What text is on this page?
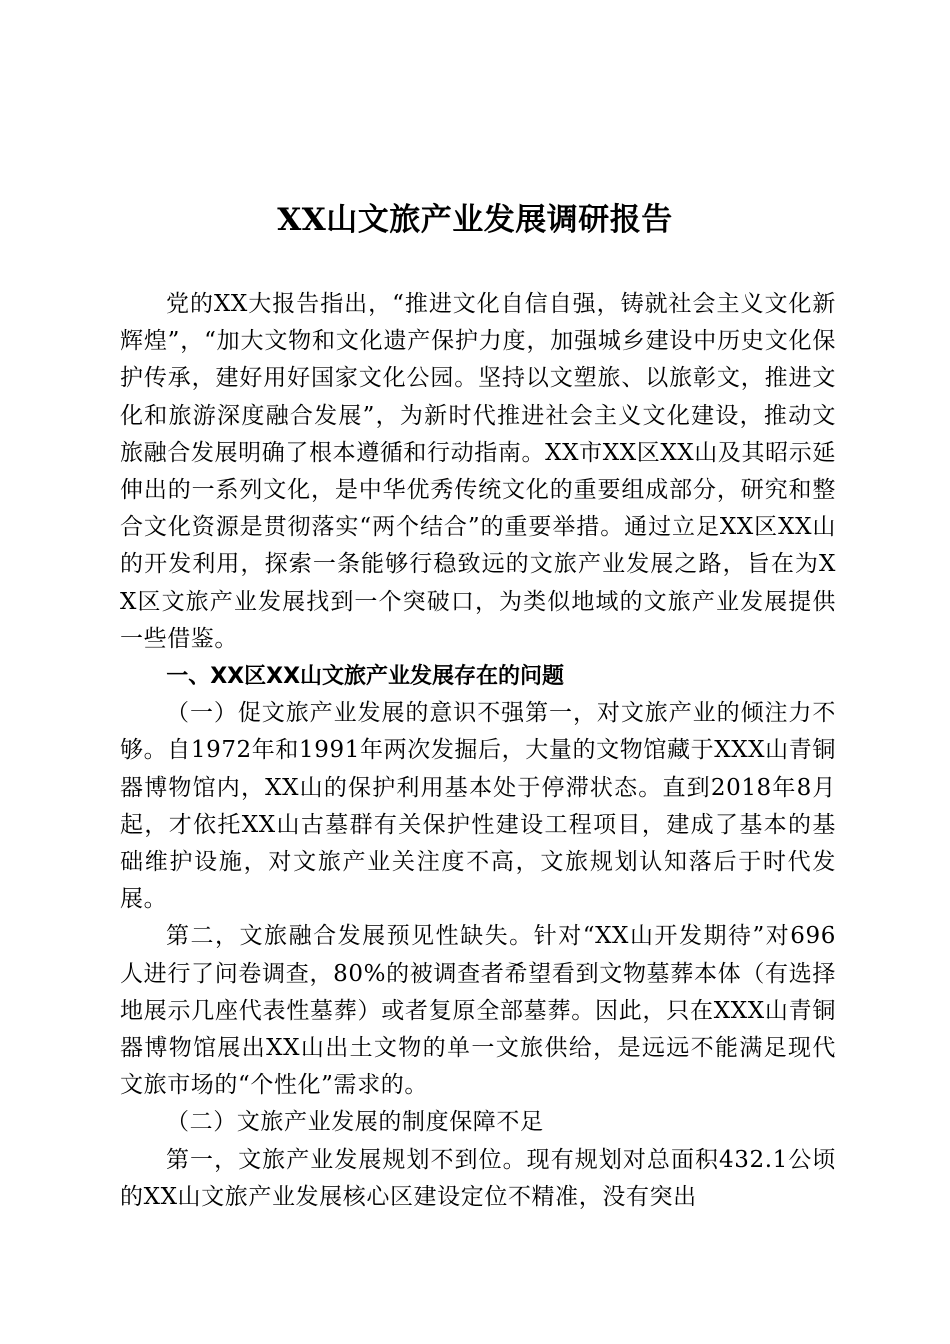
XX山文旅产业发展调研报告

党的XX大报告指出，“推进文化自信自强，铸就社会主义文化新辉煌”，“加大文物和文化遗产保护力度，加强城乡建设中历史文化保护传承，建好用好国家文化公园。坚持以文塑旅、以旅彰文，推进文化和旅游深度融合发展”，为新时代推进社会主义文化建设，推动文旅融合发展明确了根本遵循和行动指南。XX市XX区XX山及其昭示延伸出的一系列文化，是中华优秀传统文化的重要组成部分，研究和整合文化资源是贯彻落实“两个结合”的重要举措。通过立足XX区XX山的开发利用，探索一条能够行稳致远的文旅产业发展之路，旨在为XX区文旅产业发展找到一个突破口，为类似地域的文旅产业发展提供一些借鉴。

一、XX区XX山文旅产业发展存在的问题

（一）促文旅产业发展的意识不强第一，对文旅产业的倾注力不够。自1972年和1991年两次发掘后，大量的文物馆藏于XXX山青铜器博物馆内，XX山的保护利用基本处于停滞状态。直到2018年8月起，才依托XX山古墓群有关保护性建设工程项目，建成了基本的基础维护设施，对文旅产业关注度不高，文旅规划认知落后于时代发展。

第二，文旅融合发展预见性缺失。针对“XX山开发期待”对696人进行了问卷调查，80%的被调查者希望看到文物墓葬本体（有选择地展示几座代表性墓葬）或者复原全部墓葬。因此，只在XXX山青铜器博物馆展出XX山出土文物的单一文旅供给，是远远不能满足现代文旅市场的“个性化”需求的。

（二）文旅产业发展的制度保障不足

第一，文旅产业发展规划不到位。现有规划对总面积432.1公顷的XX山文旅产业发展核心区建设定位不精准，没有突出
